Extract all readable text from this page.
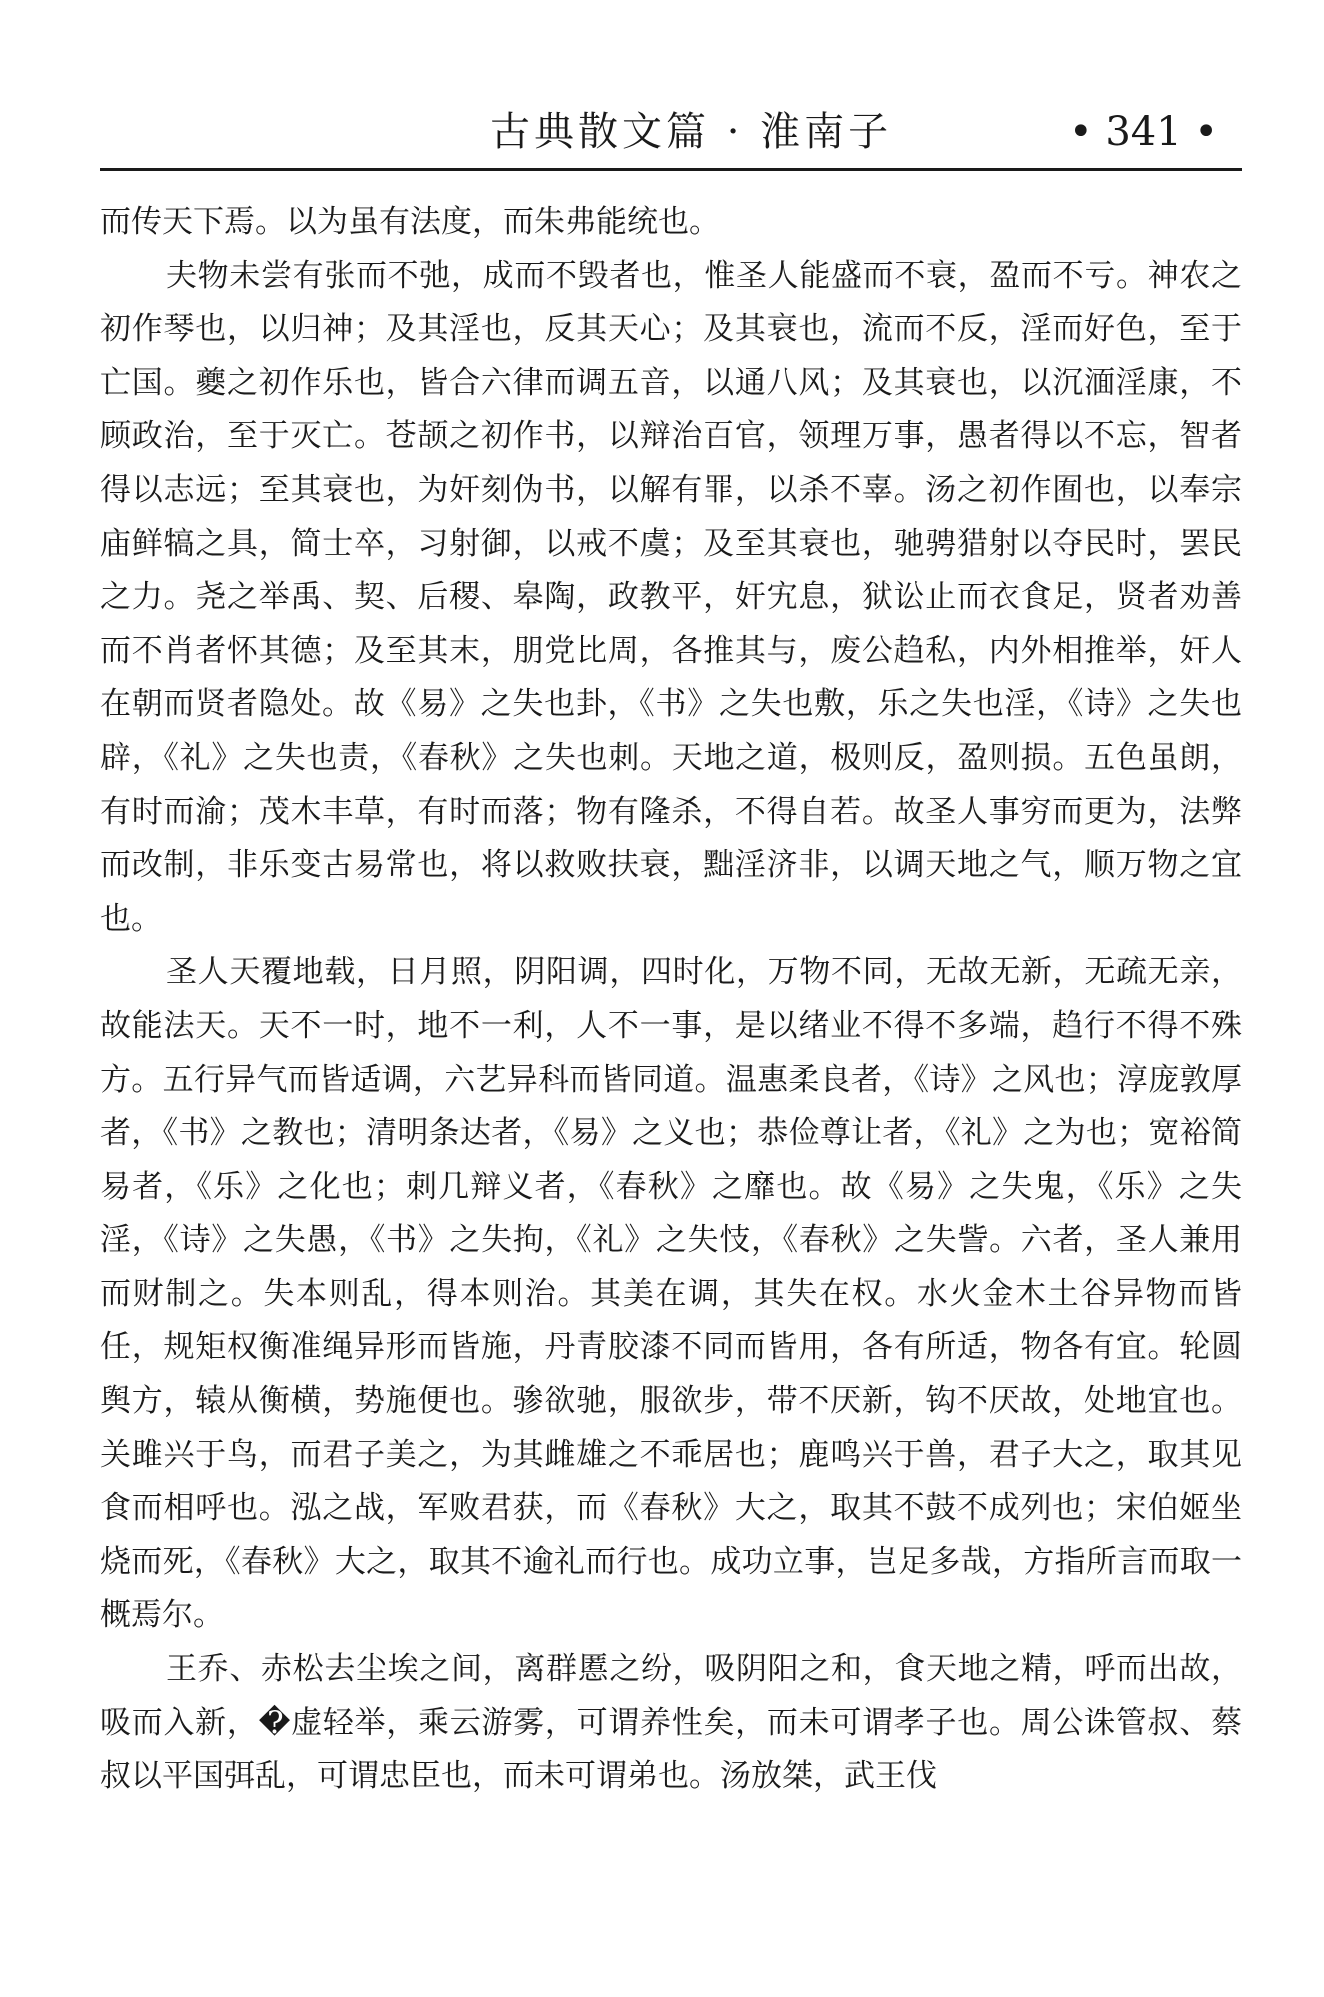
古典散文篇 · 淮南子	• 341 •

而传天下焉。以为虽有法度，而朱弗能统也。

夫物未尝有张而不弛，成而不毁者也，惟圣人能盛而不衰，盈而不亏。神农之初作琴也，以归神；及其淫也，反其天心；及其衰也，流而不反，淫而好色，至于亡国。夔之初作乐也，皆合六律而调五音，以通八风；及其衰也，以沉湎淫康，不顾政治，至于灭亡。苍颉之初作书，以辩治百官，领理万事，愚者得以不忘，智者得以志远；至其衰也，为奸刻伪书，以解有罪，以杀不辜。汤之初作囿也，以奉宗庙鲜犒之具，简士卒，习射御，以戒不虞；及至其衰也，驰骋猎射以夺民时，罢民之力。尧之举禹、契、后稷、皋陶，政教平，奸宄息，狱讼止而衣食足，贤者劝善而不肖者怀其德；及至其末，朋党比周，各推其与，废公趋私，内外相推举，奸人在朝而贤者隐处。故《易》之失也卦，《书》之失也敷，乐之失也淫，《诗》之失也辟，《礼》之失也责，《春秋》之失也刺。天地之道，极则反，盈则损。五色虽朗，有时而渝；茂木丰草，有时而落；物有隆杀，不得自若。故圣人事穷而更为，法弊而改制，非乐变古易常也，将以救败扶衰，黜淫济非，以调天地之气，顺万物之宜也。

圣人天覆地载，日月照，阴阳调，四时化，万物不同，无故无新，无疏无亲，故能法天。天不一时，地不一利，人不一事，是以绪业不得不多端，趋行不得不殊方。五行异气而皆适调，六艺异科而皆同道。温惠柔良者，《诗》之风也；淳庞敦厚者，《书》之教也；清明条达者，《易》之义也；恭俭尊让者，《礼》之为也；宽裕简易者，《乐》之化也；刺几辩义者，《春秋》之靡也。故《易》之失鬼，《乐》之失淫，《诗》之失愚，《书》之失拘，《礼》之失忮，《春秋》之失訾。六者，圣人兼用而财制之。失本则乱，得本则治。其美在调，其失在权。水火金木土谷异物而皆任，规矩权衡准绳异形而皆施，丹青胶漆不同而皆用，各有所适，物各有宜。轮圆舆方，辕从衡横，势施便也。骖欲驰，服欲步，带不厌新，钩不厌故，处地宜也。关雎兴于鸟，而君子美之，为其雌雄之不乖居也；鹿鸣兴于兽，君子大之，取其见食而相呼也。泓之战，军败君获，而《春秋》大之，取其不鼓不成列也；宋伯姬坐烧而死，《春秋》大之，取其不逾礼而行也。成功立事，岂足多哉，方指所言而取一概焉尔。

王乔、赤松去尘埃之间，离群慝之纷，吸阴阳之和，食天地之精，呼而出故，吸而入新，�虚轻举，乘云游雾，可谓养性矣，而未可谓孝子也。周公诛管叔、蔡叔以平国弭乱，可谓忠臣也，而未可谓弟也。汤放桀，武王伐
